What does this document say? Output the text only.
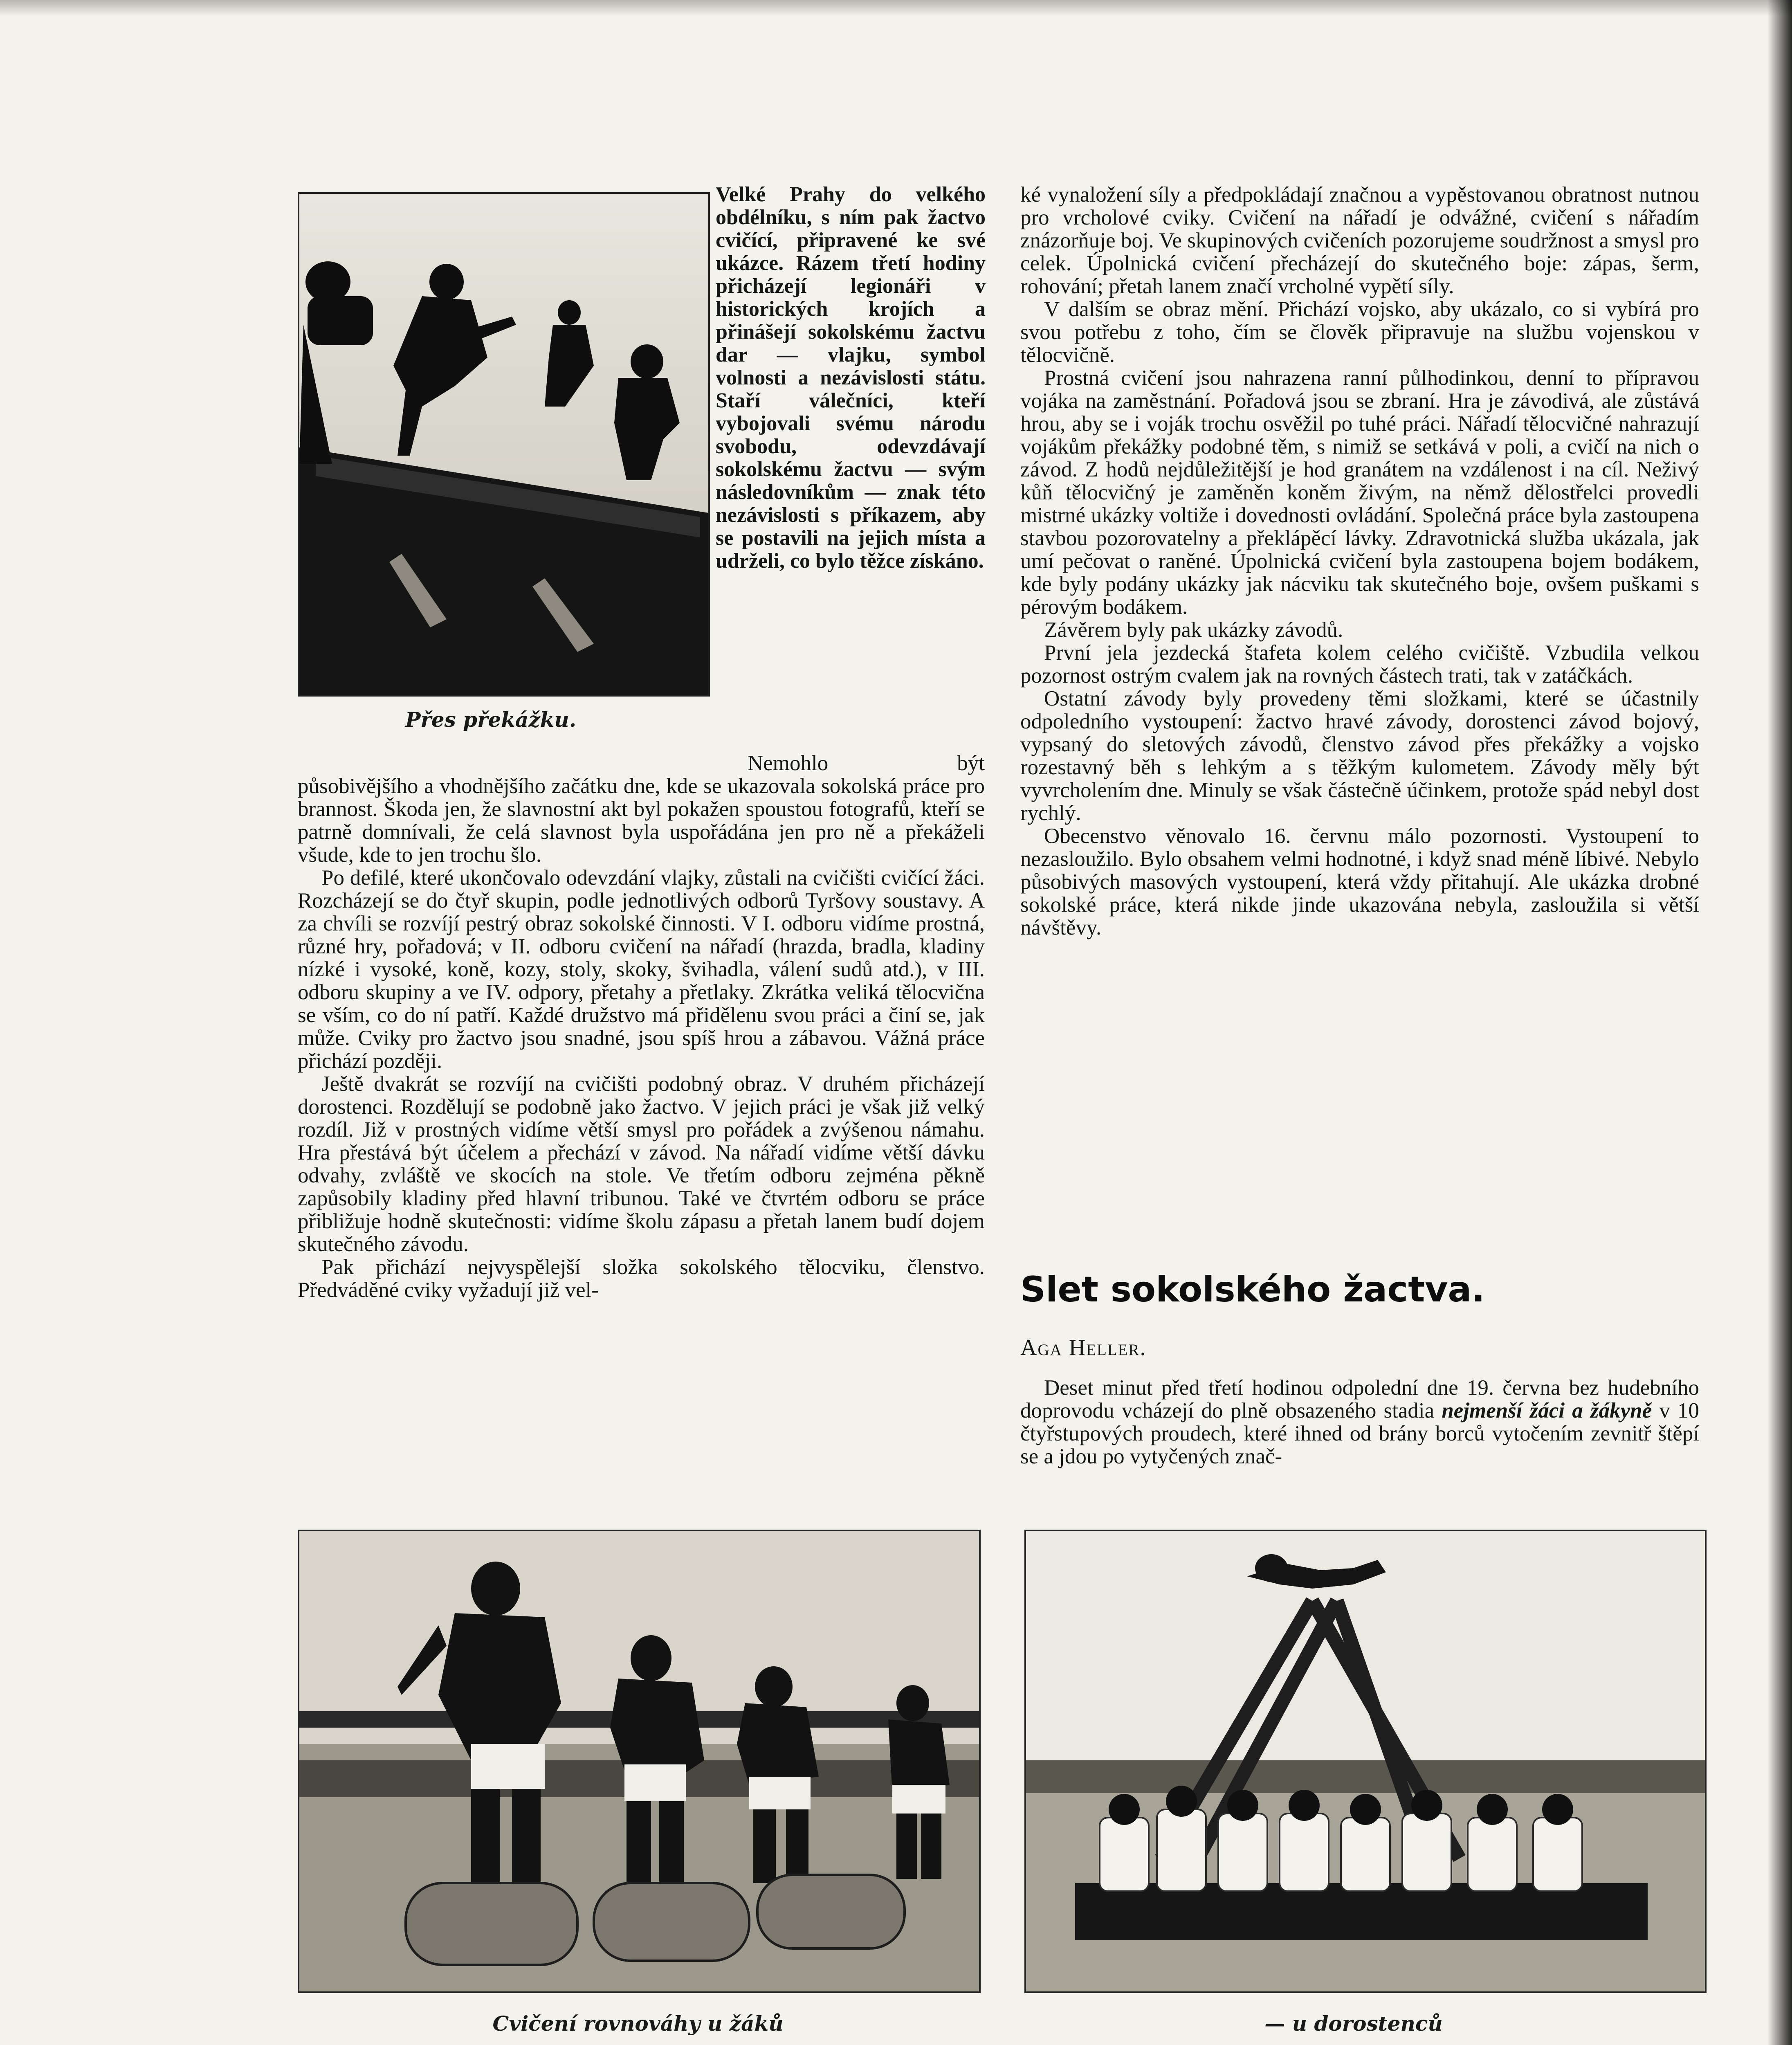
Přes překážku.

Velké Prahy do velkého obdélníku, s ním pak žactvo cvičící, připravené ke své ukázce. Rázem třetí hodiny přicházejí legionáři v historických krojích a přinášejí sokolskému žactvu dar — vlajku, symbol volnosti a nezávislosti státu. Staří válečníci, kteří vybojovali svému národu svobodu, odevzdávají sokolskému žactvu — svým následovníkům — znak této nezávislosti s příkazem, aby se postavili na jejich místa a udrželi, co bylo těžce získáno.

Nemohlo být působivějšího a vhodnějšího začátku dne, kde se ukazovala sokolská práce pro brannost. Škoda jen, že slavnostní akt byl pokažen spoustou fotografů, kteří se patrně domnívali, že celá slavnost byla uspořádána jen pro ně a překáželi všude, kde to jen trochu šlo.

Po defilé, které ukončovalo odevzdání vlajky, zůstali na cvičišti cvičící žáci. Rozcházejí se do čtyř skupin, podle jednotlivých odborů Tyršovy soustavy. A za chvíli se rozvíjí pestrý obraz sokolské činnosti. V I. odboru vidíme prostná, různé hry, pořadová; v II. odboru cvičení na nářadí (hrazda, bradla, kladiny nízké i vysoké, koně, kozy, stoly, skoky, švihadla, válení sudů atd.), v III. odboru skupiny a ve IV. odpory, přetahy a přetlaky. Zkrátka veliká tělocvična se vším, co do ní patří. Každé družstvo má přidělenu svou práci a činí se, jak může. Cviky pro žactvo jsou snadné, jsou spíš hrou a zábavou. Vážná práce přichází později.

Ještě dvakrát se rozvíjí na cvičišti podobný obraz. V druhém přicházejí dorostenci. Rozdělují se podobně jako žactvo. V jejich práci je však již velký rozdíl. Již v prostných vidíme větší smysl pro pořádek a zvýšenou námahu. Hra přestává být účelem a přechází v závod. Na nářadí vidíme větší dávku odvahy, zvláště ve skocích na stole. Ve třetím odboru zejména pěkně zapůsobily kladiny před hlavní tribunou. Také ve čtvrtém odboru se práce přibližuje hodně skutečnosti: vidíme školu zápasu a přetah lanem budí dojem skutečného závodu.

Pak přichází nejvyspělejší složka sokolského tělocviku, členstvo. Předváděné cviky vyžadují již vel-

ké vynaložení síly a předpokládají značnou a vypěstovanou obratnost nutnou pro vrcholové cviky. Cvičení na nářadí je odvážné, cvičení s nářadím znázorňuje boj. Ve skupinových cvičeních pozorujeme soudržnost a smysl pro celek. Úpolnická cvičení přecházejí do skutečného boje: zápas, šerm, rohování; přetah lanem značí vrcholné vypětí síly.

V dalším se obraz mění. Přichází vojsko, aby ukázalo, co si vybírá pro svou potřebu z toho, čím se člověk připravuje na službu vojenskou v tělocvičně.

Prostná cvičení jsou nahrazena ranní půlhodinkou, denní to přípravou vojáka na zaměstnání. Pořadová jsou se zbraní. Hra je závodivá, ale zůstává hrou, aby se i voják trochu osvěžil po tuhé práci. Nářadí tělocvičné nahrazují vojákům překážky podobné těm, s nimiž se setkává v poli, a cvičí na nich o závod. Z hodů nejdůležitější je hod granátem na vzdálenost i na cíl. Neživý kůň tělocvičný je zaměněn koněm živým, na němž dělostřelci provedli mistrné ukázky voltiže i dovednosti ovládání. Společná práce byla zastoupena stavbou pozorovatelny a překlápěcí lávky. Zdravotnická služba ukázala, jak umí pečovat o raněné. Úpolnická cvičení byla zastoupena bojem bodákem, kde byly podány ukázky jak nácviku tak skutečného boje, ovšem puškami s pérovým bodákem.

Závěrem byly pak ukázky závodů.

První jela jezdecká štafeta kolem celého cvičiště. Vzbudila velkou pozornost ostrým cvalem jak na rovných částech trati, tak v zatáčkách.

Ostatní závody byly provedeny těmi složkami, které se účastnily odpoledního vystoupení: žactvo hravé závody, dorostenci závod bojový, vypsaný do sletových závodů, členstvo závod přes překážky a vojsko rozestavný běh s lehkým a s těžkým kulometem. Závody měly být vyvrcholením dne. Minuly se však částečně účinkem, protože spád nebyl dost rychlý.

Obecenstvo věnovalo 16. červnu málo pozornosti. Vystoupení to nezasloužilo. Bylo obsahem velmi hodnotné, i když snad méně líbivé. Nebylo působivých masových vystoupení, která vždy přitahují. Ale ukázka drobné sokolské práce, která nikde jinde ukazována nebyla, zasloužila si větší návštěvy.

Slet sokolského žactva.
Aga Heller.

Deset minut před třetí hodinou odpolední dne 19. června bez hudebního doprovodu vcházejí do plně obsazeného stadia nejmenší žáci a žákyně v 10 čtyřstupových proudech, které ihned od brány borců vytočením zevnitř štěpí se a jdou po vytyčených znač-

Cvičení rovnováhy u žáků	— u dorostenců
